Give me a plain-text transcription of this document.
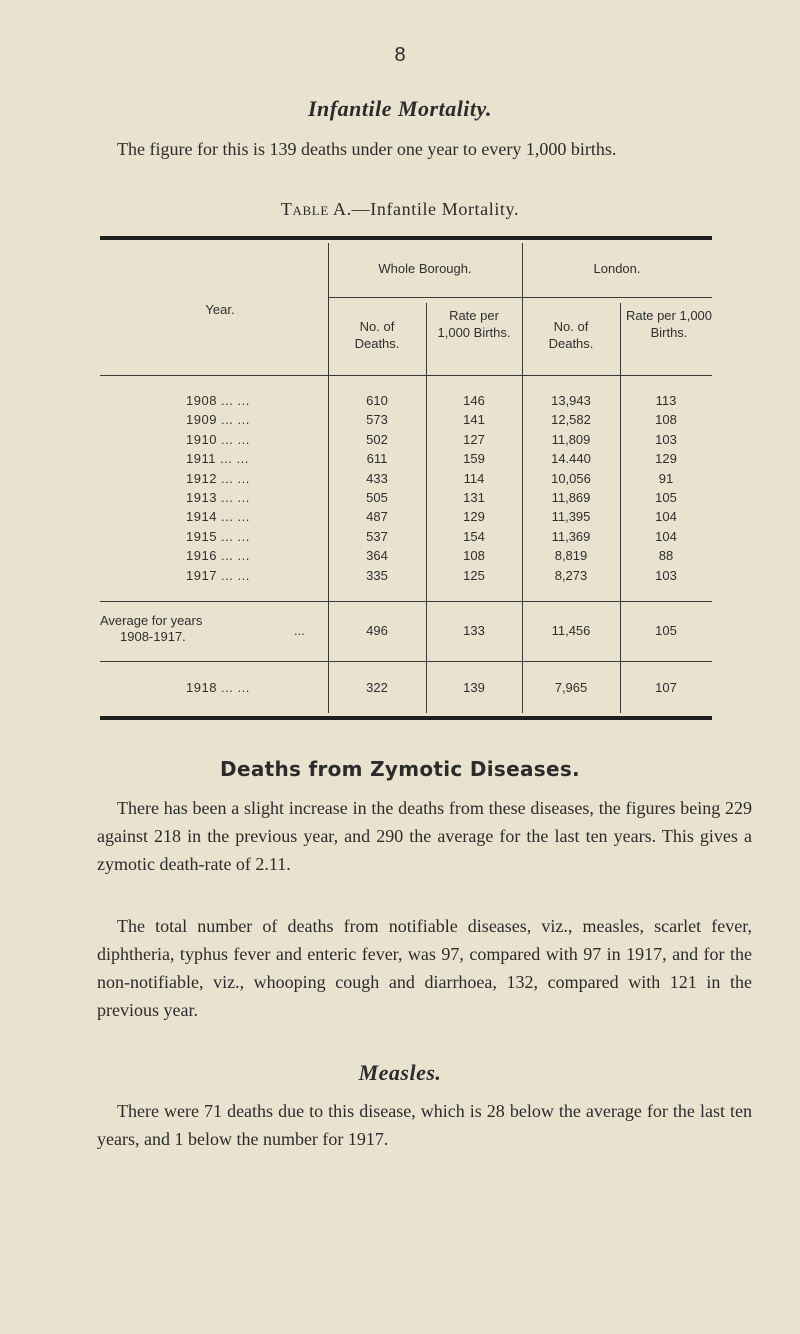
8
Infantile Mortality.
The figure for this is 139 deaths under one year to every 1,000 births.
Table A.—Infantile Mortality.
Year.
Whole Borough.	London.
No. of Deaths.
Rate per 1,000 Births.	No. of Deaths.
Rate per 1,000 Births.
1908 ... ...	610	146	13,943	113
1909 ... ...	573	141	12,582	108
1910 ... ...	502	127	11,809	103
1911 ... ...	611	159	14.440	129
1912 ... ...	433	114	10,056	91
1913 ... ...	505	131	11,869	105
1914 ... ...	487	129	11,395	104
1915 ... ...	537	154	11,369	104
1916 ... ...	364	108	8,819	88
1917 ... ...	335	125	8,273	103
Average for years
1908-1917.	...	496	133	11,456	105
1918 ... ...	322	139	7,965	107
Deaths from Zymotic Diseases.
There has been a slight increase in the deaths from these diseases, the figures being 229 against 218 in the previous year, and 290 the average for the last ten years. This gives a zymotic death-rate of 2.11.
The total number of deaths from notifiable diseases, viz., measles, scarlet fever, diphtheria, typhus fever and enteric fever, was 97, compared with 97 in 1917, and for the non-notifiable, viz., whooping cough and diarrhoea, 132, compared with 121 in the previous year.
Measles.
There were 71 deaths due to this disease, which is 28 below the average for the last ten years, and 1 below the number for 1917.
